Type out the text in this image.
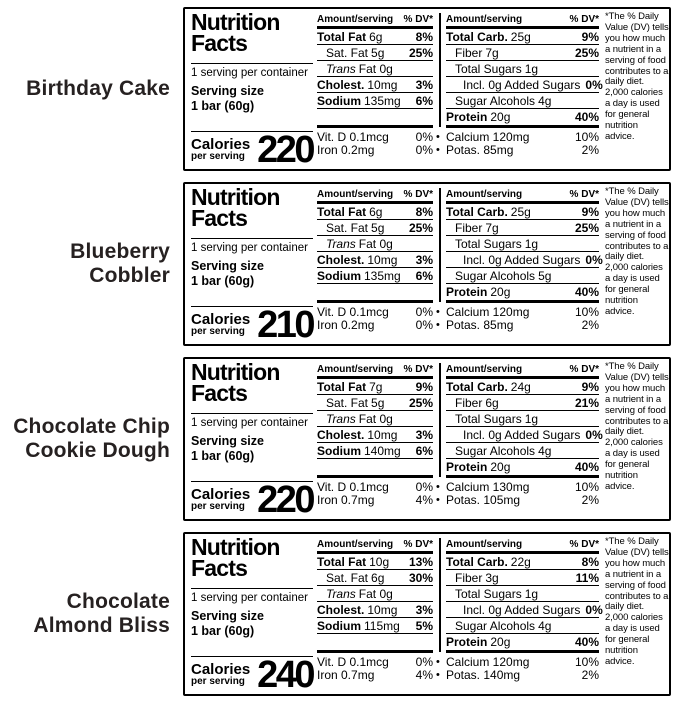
Birthday Cake
Nutrition
Facts
1 serving per container
Serving size
1 bar (60g)
Calories
per serving 220
Amount/serving % DV*
Total Fat 6g	8%
Sat. Fat 5g 25%
Trans Fat 0g
Cholest. 10mg 3%
Sodium 135mg 6%
Amount/serving	% DV*
Total Carb. 25g	9%
Fiber 7g	25%
Total Sugars 1g
Incl. 0g Added Sugars 0%
Sugar Alcohols 4g
Protein 20g	40%
Vit. D 0.1mcg 0%
Iron 0.2mg	0%
• Calcium 120mg	10%
• Potas. 85mg	2%
*The % Daily Value (DV) tells you how much a nutrient in a serving of food contributes to a daily diet. 2,000 calories a day is used for general nutrition advice.
Blueberry Cobbler
Nutrition
Facts
1 serving per container
Serving size
1 bar (60g)
Calories
per serving 210
Amount/serving % DV*
Total Fat 6g	8%
Sat. Fat 5g 25%
Trans Fat 0g
Cholest. 10mg 3%
Sodium 135mg 6%
Amount/serving	% DV*
Total Carb. 25g	9%
Fiber 7g	25%
Total Sugars 1g
Incl. 0g Added Sugars 0%
Sugar Alcohols 5g
Protein 20g	40%
Vit. D 0.1mcg 0%
Iron 0.2mg	0%
• Calcium 120mg	10%
• Potas. 85mg	2%
*The % Daily Value (DV) tells you how much a nutrient in a serving of food contributes to a daily diet. 2,000 calories a day is used for general nutrition advice.
Chocolate Chip
Cookie Dough
Nutrition
Facts
1 serving per container
Serving size
1 bar (60g)
Calories
per serving 220
Amount/serving % DV*
Total Fat 7g	9%
Sat. Fat 5g 25%
Trans Fat 0g
Cholest. 10mg 3%
Sodium 140mg 6%
Amount/serving	% DV*
Total Carb. 24g	9%
Fiber 6g	21%
Total Sugars 1g
Incl. 0g Added Sugars 0%
Sugar Alcohols 4g
Protein 20g	40%
Vit. D 0.1mcg 0%
Iron 0.7mg	4%
• Calcium 130mg	10%
• Potas. 105mg	2%
*The % Daily Value (DV) tells you how much a nutrient in a serving of food contributes to a daily diet. 2,000 calories a day is used for general nutrition advice.
Chocolate
Almond Bliss
Nutrition
Facts
1 serving per container
Serving size
1 bar (60g)
Calories
per serving 240
Amount/serving % DV*
Total Fat 10g 13%
Sat. Fat 6g 30%
Trans Fat 0g
Cholest. 10mg 3%
Sodium 115mg 5%
Amount/serving	% DV*
Total Carb. 22g	8%
Fiber 3g	11%
Total Sugars 1g
Incl. 0g Added Sugars 0%
Sugar Alcohols 4g
Protein 20g	40%
Vit. D 0.1mcg 0%
Iron 0.7mg	4%
• Calcium 120mg	10%
• Potas. 140mg	2%
*The % Daily Value (DV) tells you how much a nutrient in a serving of food contributes to a daily diet. 2,000 calories a day is used for general nutrition advice.
